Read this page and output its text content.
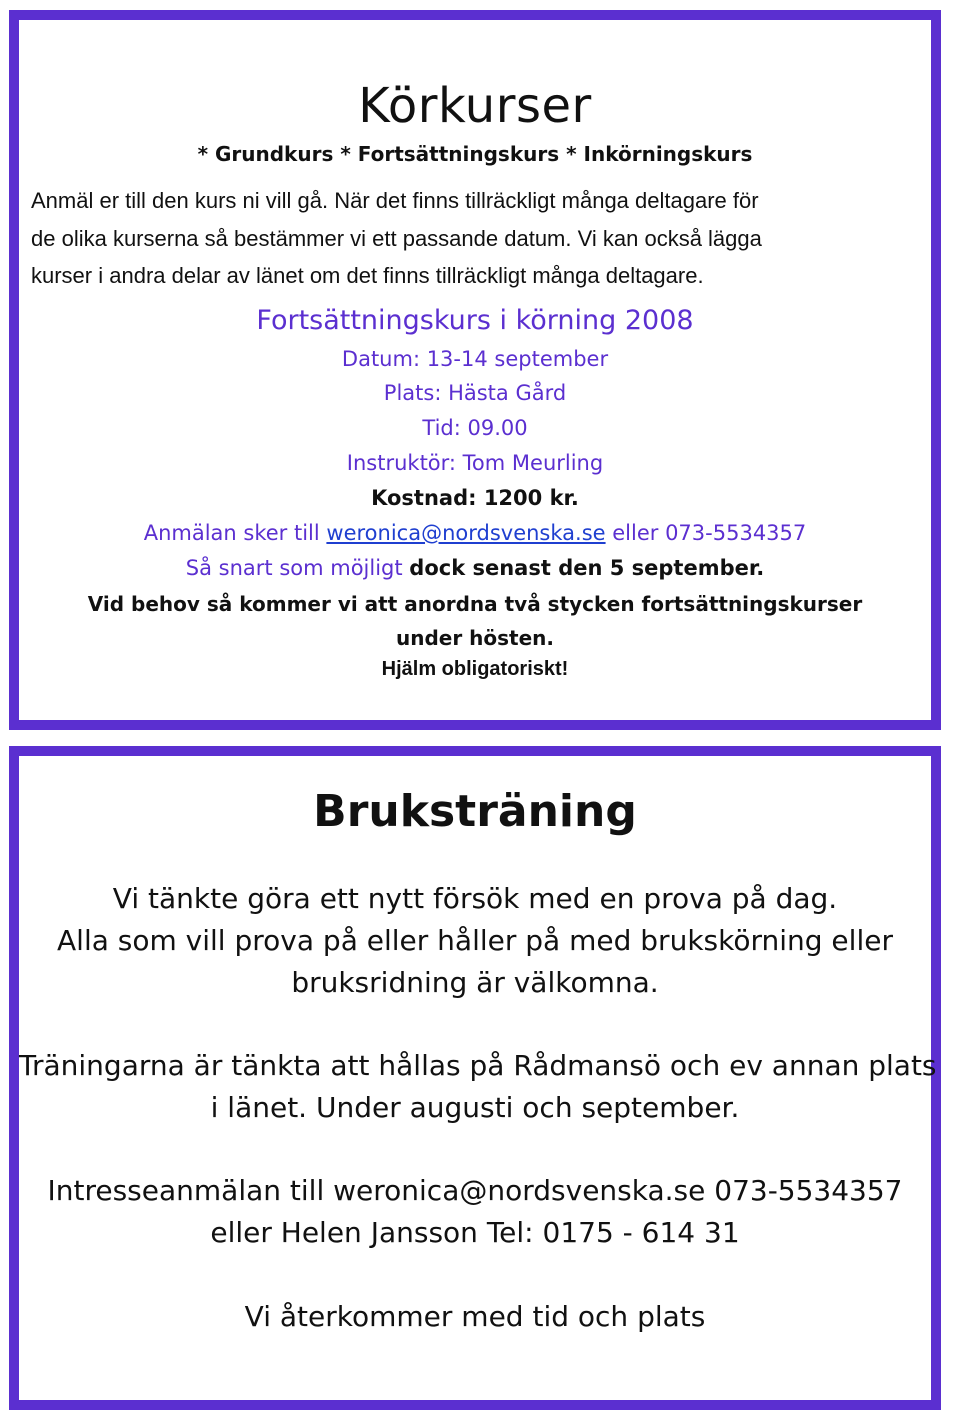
Körkurser
* Grundkurs * Fortsättningskurs * Inkörningskurs
Anmäl er till den kurs ni vill gå. När det finns tillräckligt många deltagare för
de olika kurserna så bestämmer vi ett passande datum. Vi kan också lägga
kurser i andra delar av länet om det finns tillräckligt många deltagare.
Fortsättningskurs i körning 2008
Datum: 13-14 september
Plats: Hästa Gård
Tid: 09.00
Instruktör: Tom Meurling
Kostnad: 1200 kr.
Anmälan sker till weronica@nordsvenska.se eller 073-5534357
Så snart som möjligt dock senast den 5 september.
Vid behov så kommer vi att anordna två stycken fortsättningskurser
under hösten.
Hjälm obligatoriskt!
Bruksträning
Vi tänkte göra ett nytt försök med en prova på dag.
Alla som vill prova på eller håller på med brukskörning eller
bruksridning är välkomna.
Träningarna är tänkta att hållas på Rådmansö och ev annan plats
i länet. Under augusti och september.
Intresseanmälan till weronica@nordsvenska.se 073-5534357
eller Helen Jansson Tel: 0175 - 614 31
Vi återkommer med tid och plats
